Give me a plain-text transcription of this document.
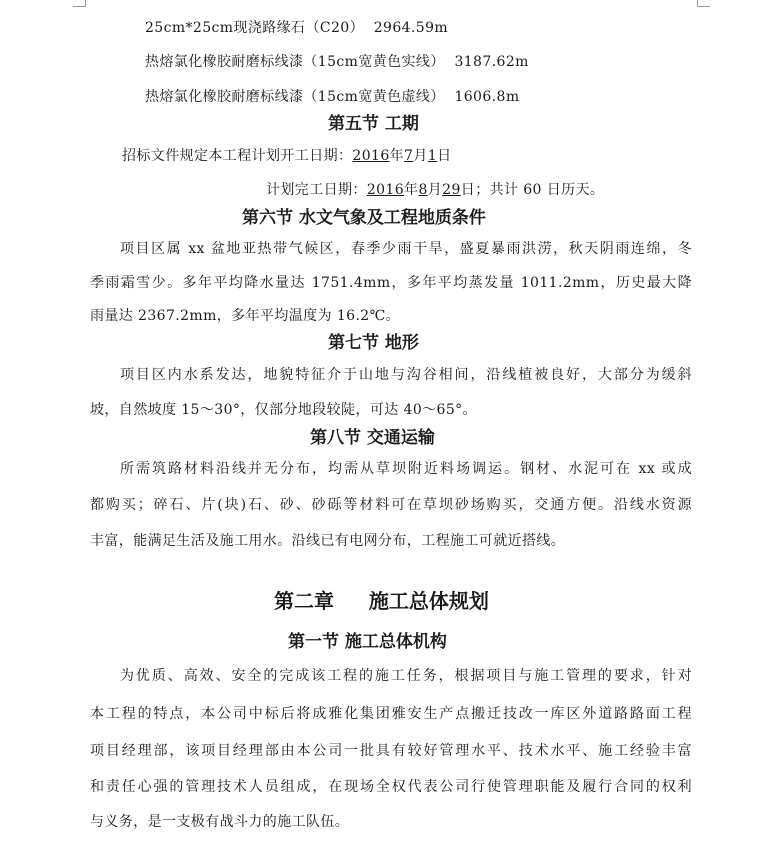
25cm*25cm现浇路缘石（C20） 2964.59m
热熔氯化橡胶耐磨标线漆（15cm宽黄色实线） 3187.62m
热熔氯化橡胶耐磨标线漆（15cm宽黄色虚线） 1606.8m
第五节 工期
招标文件规定本工程计划开工日期：2016年7月1日
计划完工日期：2016年8月29日；共计 60 日历天。
第六节 水文气象及工程地质条件
项目区属 xx 盆地亚热带气候区，春季少雨干旱，盛夏暴雨洪涝，秋天阴雨连绵，冬
季雨霜雪少。多年平均降水量达 1751.4mm，多年平均蒸发量 1011.2mm，历史最大降
雨量达 2367.2mm，多年平均温度为 16.2℃。
第七节 地形
项目区内水系发达，地貌特征介于山地与沟谷相间，沿线植被良好，大部分为缓斜
坡，自然坡度 15～30°，仅部分地段较陡，可达 40～65°。
第八节 交通运输
所需筑路材料沿线并无分布，均需从草坝附近料场调运。钢材、水泥可在 xx 或成
都购买；碎石、片(块)石、砂、砂砾等材料可在草坝砂场购买，交通方便。沿线水资源
丰富，能满足生活及施工用水。沿线已有电网分布，工程施工可就近搭线。
第二章 施工总体规划
第一节 施工总体机构
为优质、高效、安全的完成该工程的施工任务，根据项目与施工管理的要求，针对
本工程的特点，本公司中标后将成雅化集团雅安生产点搬迁技改一库区外道路路面工程
项目经理部，该项目经理部由本公司一批具有较好管理水平、技术水平、施工经验丰富
和责任心强的管理技术人员组成，在现场全权代表公司行使管理职能及履行合同的权利
与义务，是一支极有战斗力的施工队伍。
